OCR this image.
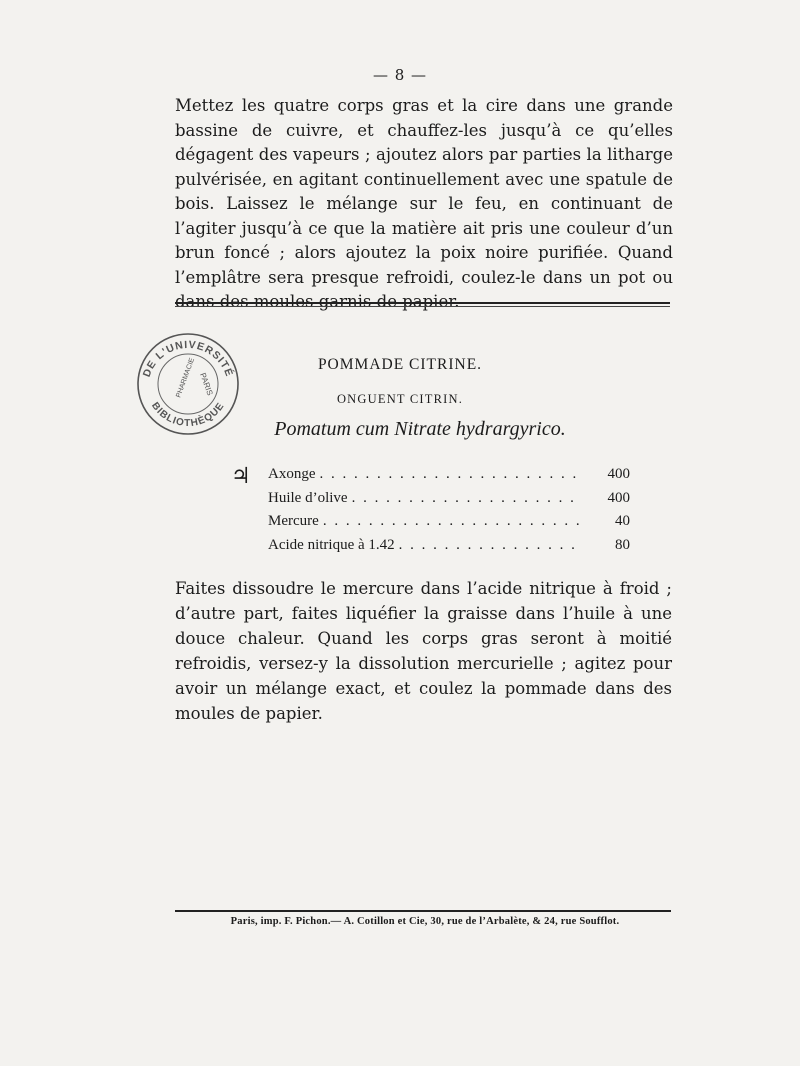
— 8 —

Mettez les quatre corps gras et la cire dans une grande bassine de cuivre, et chauffez-les jusqu’à ce qu’elles dégagent des vapeurs ; ajoutez alors par parties la litharge pulvérisée, en agitant continuellement avec une spatule de bois. Laissez le mélange sur le feu, en continuant de l’agiter jusqu’à ce que la matière ait pris une couleur d’un brun foncé ; alors ajoutez la poix noire purifiée. Quand l’emplâtre sera presque refroidi, coulez-le dans un pot ou

DE L'UNIVERSITÉ
BIBLIOTHÈQUE
PHARMACIE PARIS
POMMADE CITRINE.
ONGUENT CITRIN.
Pomatum cum Nitrate hydrargyrico.
♃ Axonge . . .	400
Huile d’olive . . .	400
Mercure . . .	40
Acide nitrique à 1.42 . . .	80

Faites dissoudre le mercure dans l’acide nitrique à froid ; d’autre part, faites liquéfier la graisse dans l’huile à une douce chaleur. Quand les corps gras seront à moitié refroidis, versez-y la dissolution mercurielle ; agitez pour avoir un mélange exact, et coulez la pommade dans des moules de papier.

Paris, imp. F. Pichon.— A. Cotillon et Cie, 30, rue de l’Arbalète, & 24, rue Soufflot.
